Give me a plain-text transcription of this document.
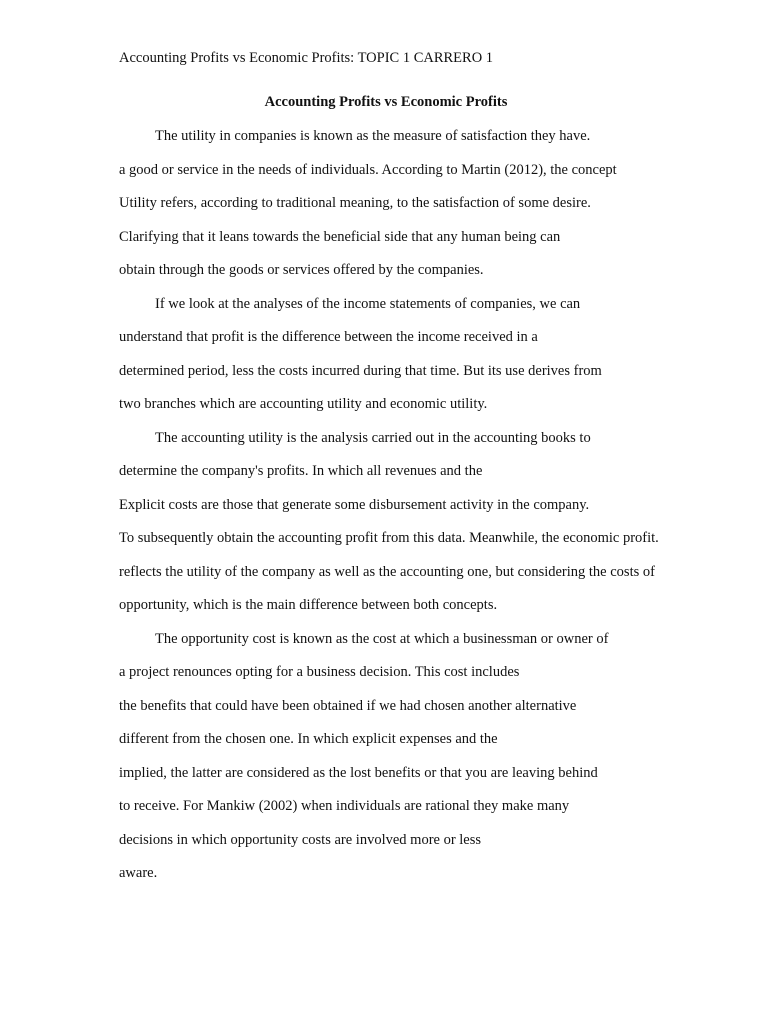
Accounting Profits vs Economic Profits: TOPIC 1 CARRERO 1
Accounting Profits vs Economic Profits
The utility in companies is known as the measure of satisfaction they have.
a good or service in the needs of individuals. According to Martin (2012), the concept
Utility refers, according to traditional meaning, to the satisfaction of some desire.
Clarifying that it leans towards the beneficial side that any human being can
obtain through the goods or services offered by the companies.
If we look at the analyses of the income statements of companies, we can
understand that profit is the difference between the income received in a
determined period, less the costs incurred during that time. But its use derives from
two branches which are accounting utility and economic utility.
The accounting utility is the analysis carried out in the accounting books to
determine the company's profits. In which all revenues and the
Explicit costs are those that generate some disbursement activity in the company.
To subsequently obtain the accounting profit from this data. Meanwhile, the economic profit.
reflects the utility of the company as well as the accounting one, but considering the costs of
opportunity, which is the main difference between both concepts.
The opportunity cost is known as the cost at which a businessman or owner of
a project renounces opting for a business decision. This cost includes
the benefits that could have been obtained if we had chosen another alternative
different from the chosen one. In which explicit expenses and the
implied, the latter are considered as the lost benefits or that you are leaving behind
to receive. For Mankiw (2002) when individuals are rational they make many
decisions in which opportunity costs are involved more or less
aware.
